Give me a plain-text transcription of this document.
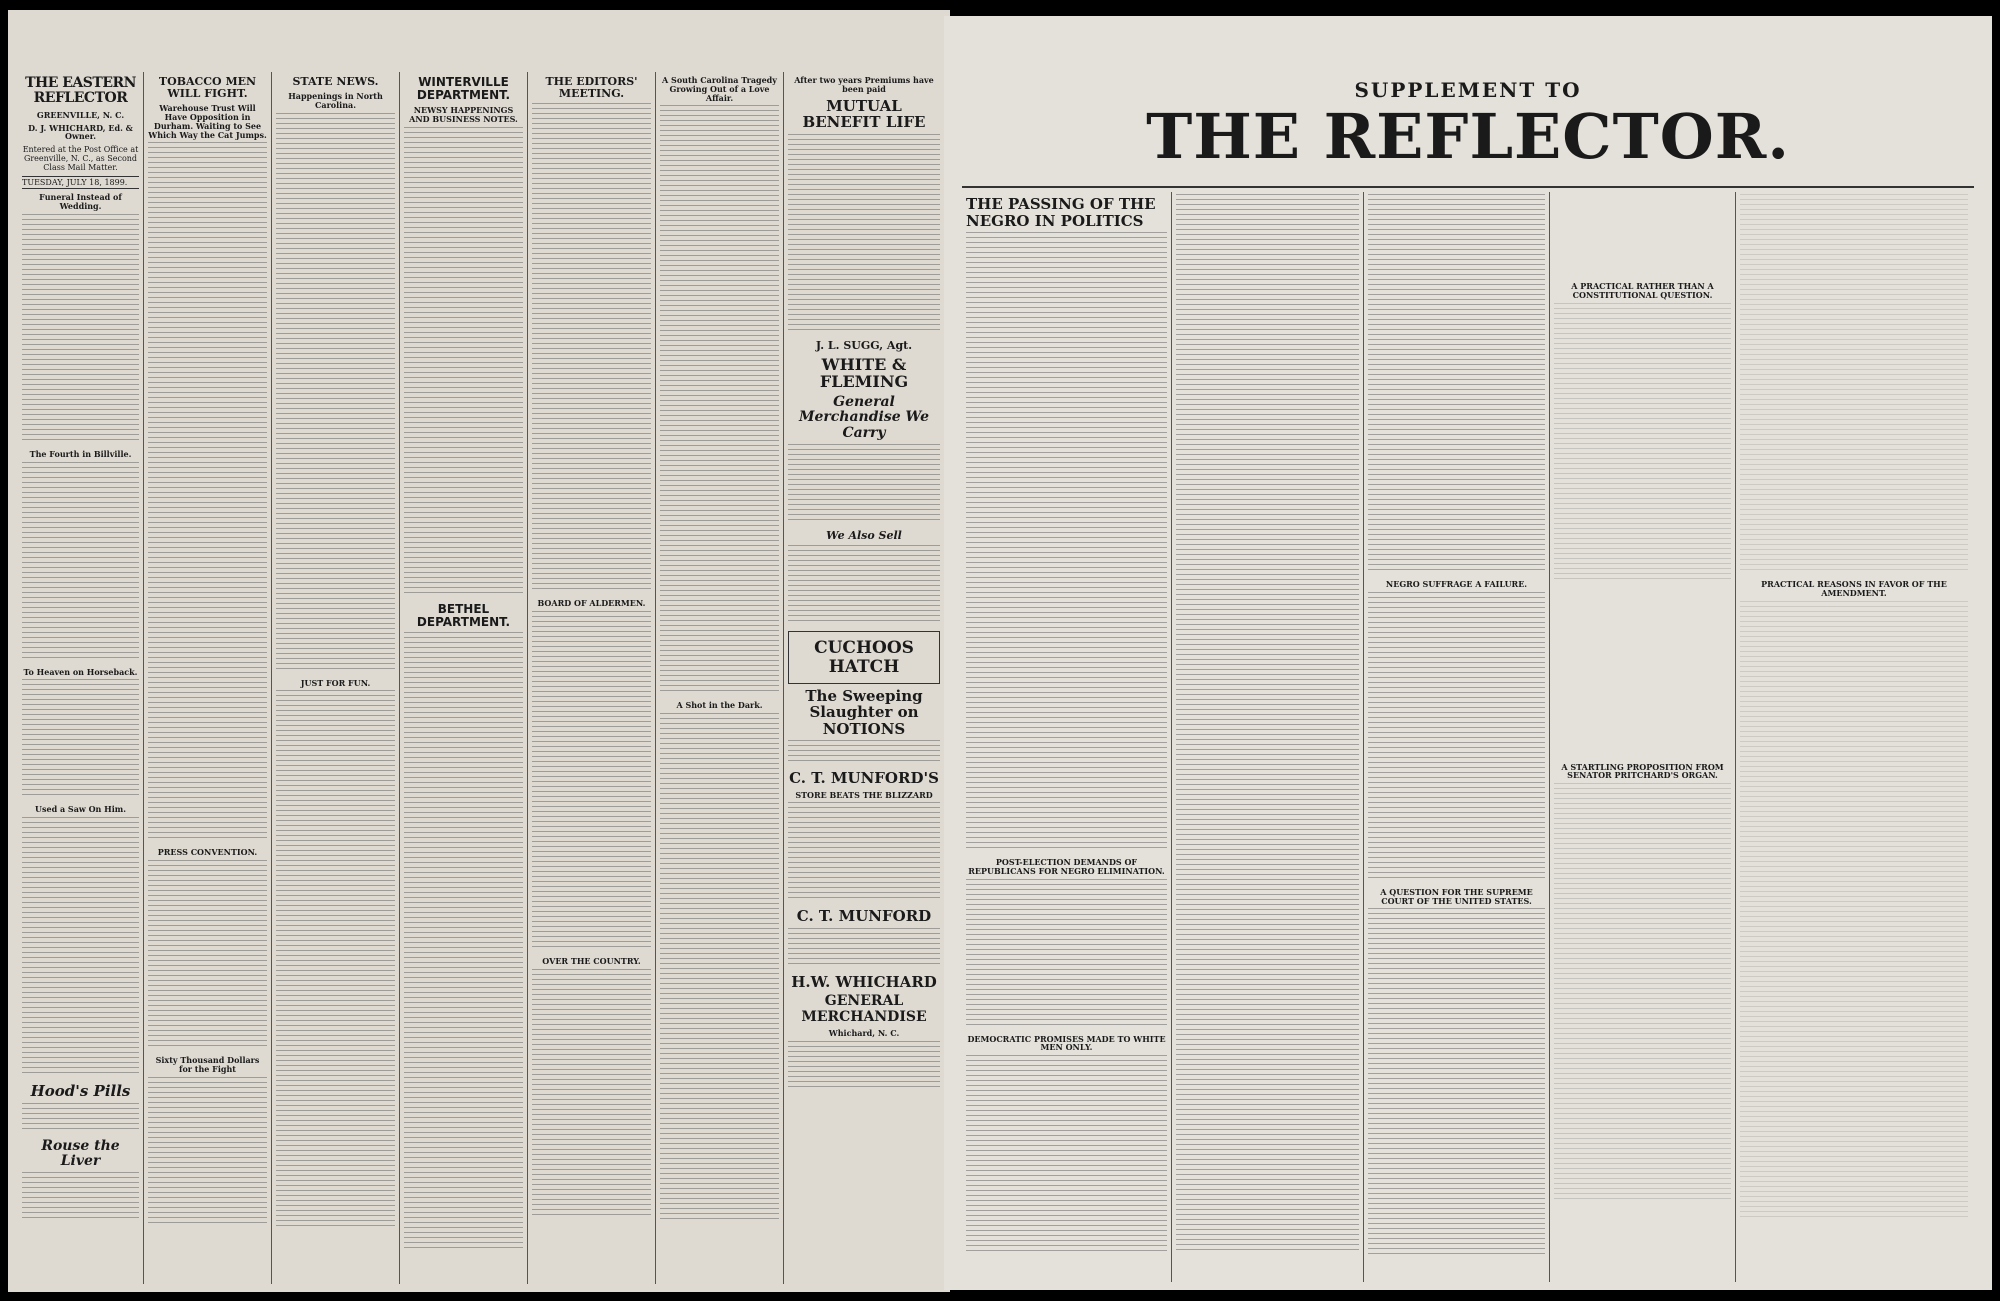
THE EASTERN REFLECTOR
GREENVILLE, N. C.
D. J. WHICHARD, Ed. & Owner.
Entered at the Post Office at Greenville, N. C., as Second Class Mail Matter.
TUESDAY, JULY 18, 1899.
Funeral Instead of Wedding.
The Fourth in Billville.
To Heaven on Horseback.
Used a Saw On Him.
Hood's Pills
Rouse the Liver
TOBACCO MEN WILL FIGHT.
Warehouse Trust Will Have Opposition in Durham. Waiting to See Which Way the Cat Jumps.
PRESS CONVENTION.
Sixty Thousand Dollars for the Fight
STATE NEWS.
Happenings in North Carolina.
JUST FOR FUN.
WINTERVILLE DEPARTMENT.
NEWSY HAPPENINGS AND BUSINESS NOTES.
BETHEL DEPARTMENT.
THE EDITORS' MEETING.
BOARD OF ALDERMEN.
OVER THE COUNTRY.
A South Carolina Tragedy Growing Out of a Love Affair.
A Shot in the Dark.
After two years Premiums have been paid
MUTUAL BENEFIT LIFE
J. L. SUGG, Agt.
WHITE & FLEMING
General Merchandise We Carry
We Also Sell
CUCHOOS HATCH
The Sweeping Slaughter on NOTIONS
C. T. MUNFORD'S
STORE BEATS THE BLIZZARD
C. T. MUNFORD
H.W. WHICHARD
GENERAL MERCHANDISE
Whichard, N. C.
SUPPLEMENT TO
THE REFLECTOR.
THE PASSING OF THE NEGRO IN POLITICS
POST-ELECTION DEMANDS OF REPUBLICANS FOR NEGRO ELIMINATION.
DEMOCRATIC PROMISES MADE TO WHITE MEN ONLY.
NEGRO SUFFRAGE A FAILURE.
A QUESTION FOR THE SUPREME COURT OF THE UNITED STATES.
A PRACTICAL RATHER THAN A CONSTITUTIONAL QUESTION.
A STARTLING PROPOSITION FROM SENATOR PRITCHARD'S ORGAN.
PRACTICAL REASONS IN FAVOR OF THE AMENDMENT.
